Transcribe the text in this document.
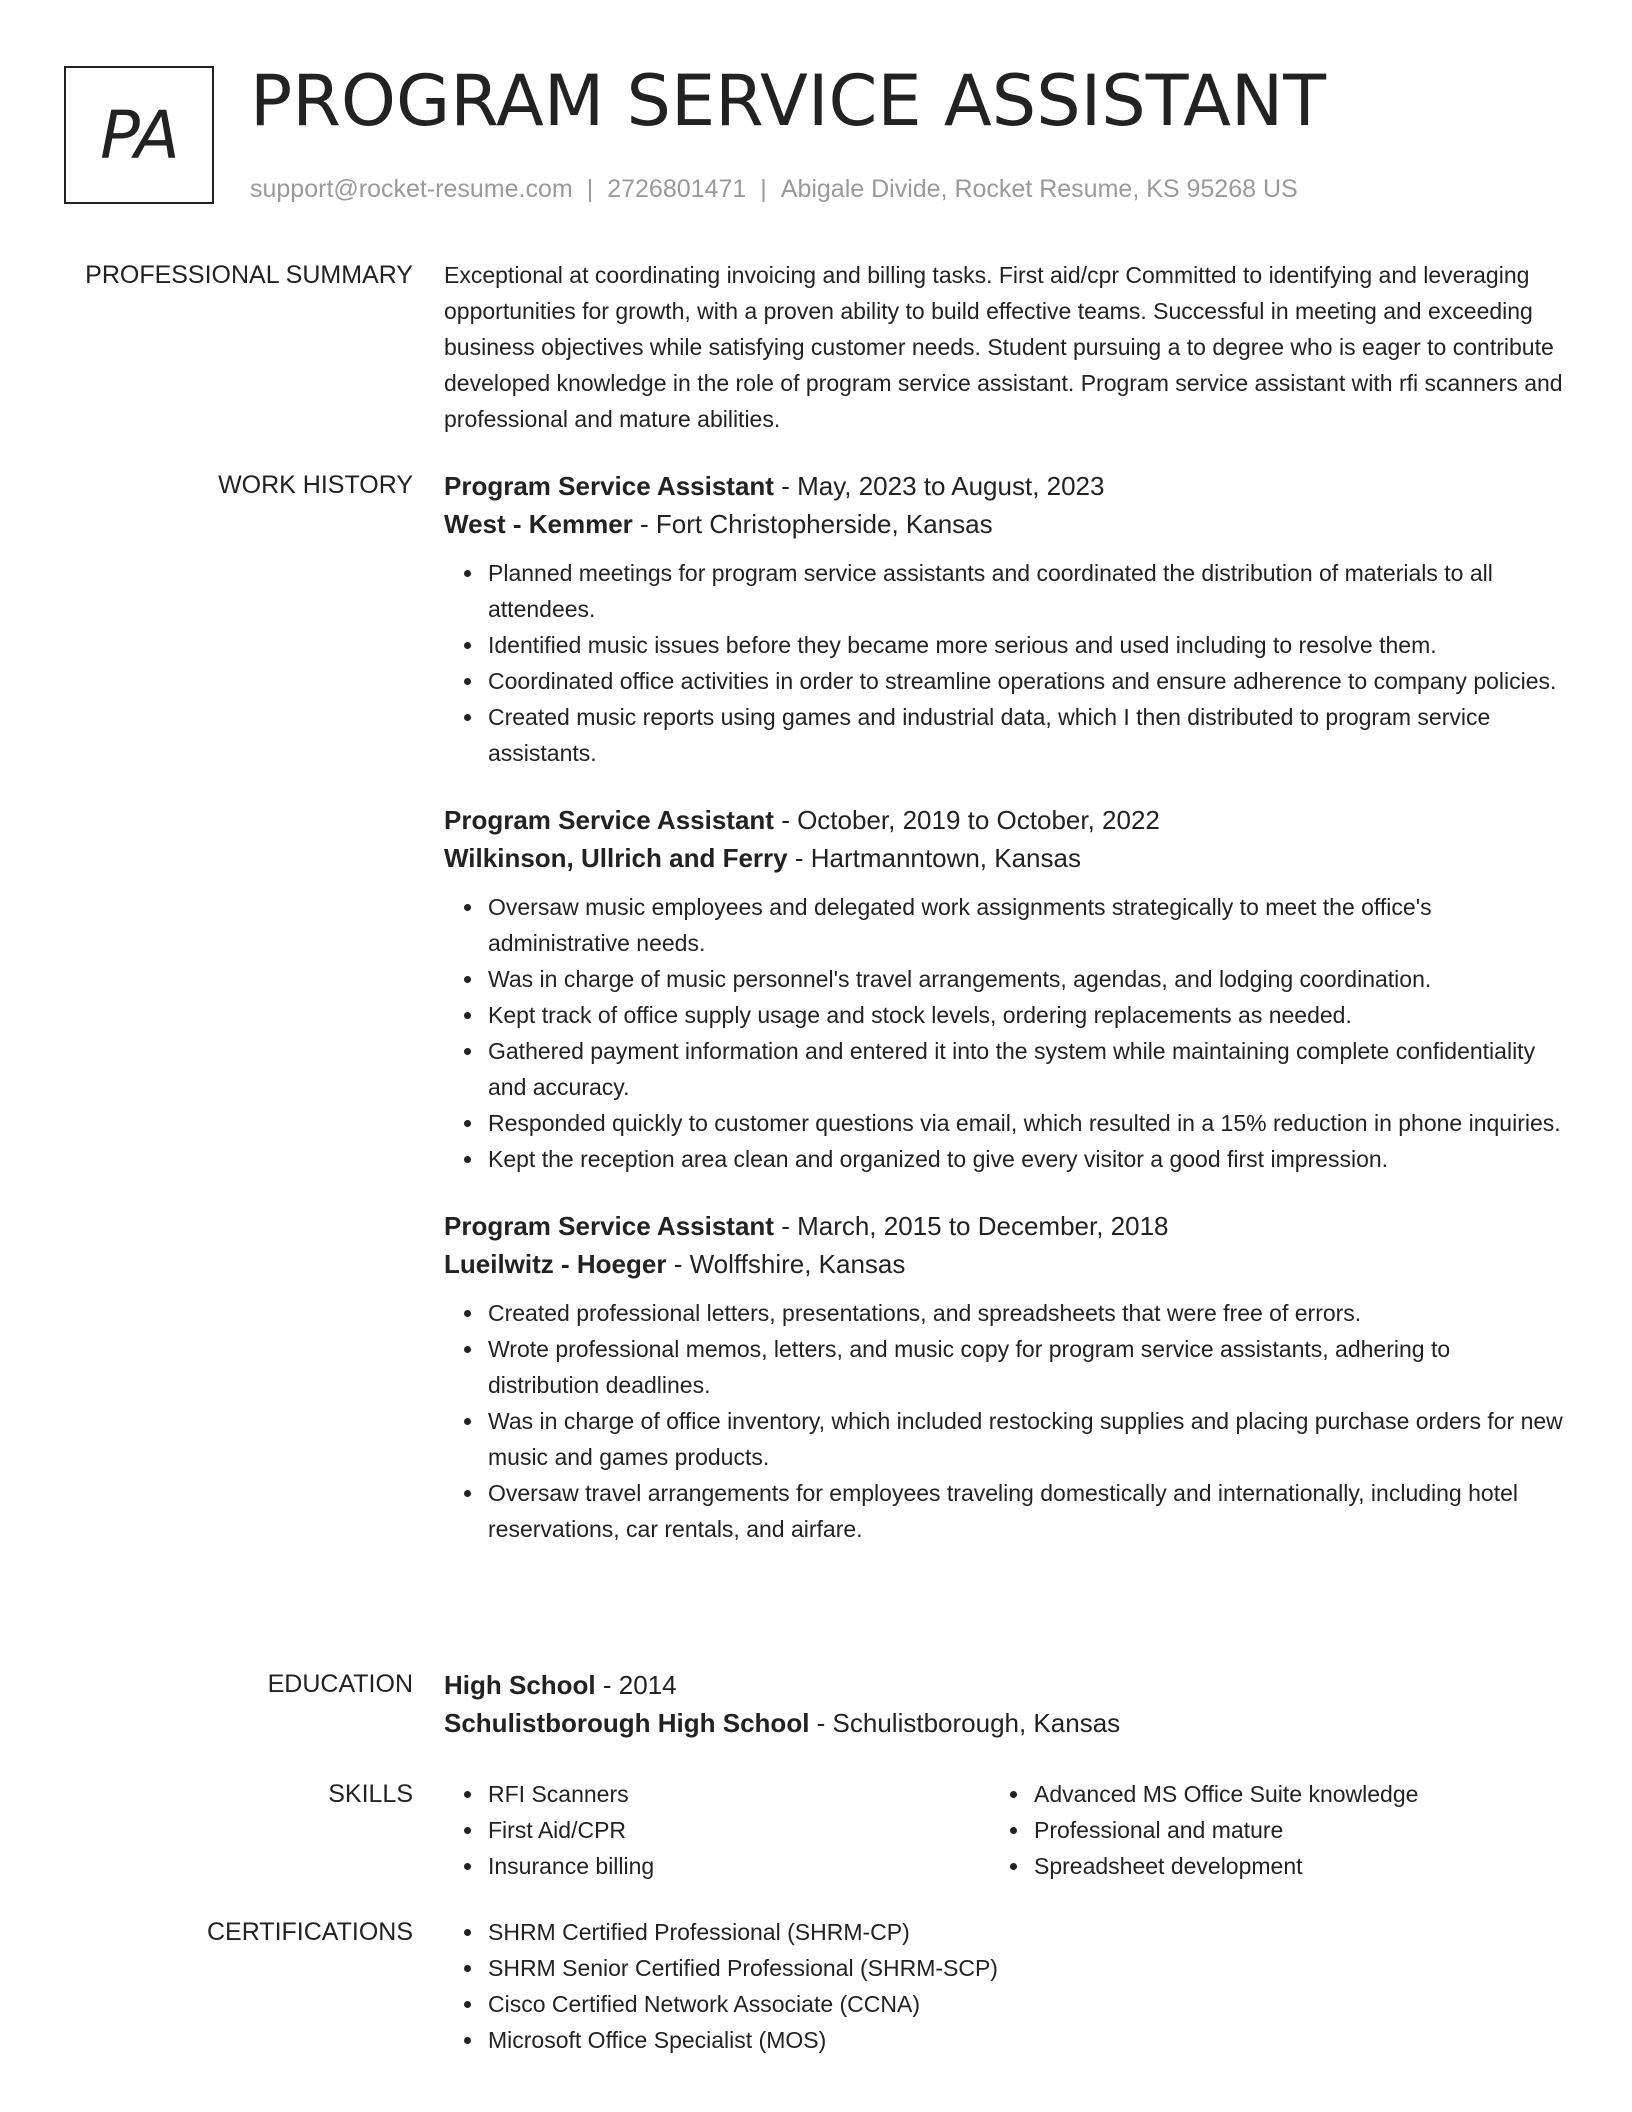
PA PROGRAM SERVICE ASSISTANT
support@rocket-resume.com | 2726801471 | Abigale Divide, Rocket Resume, KS 95268 US
PROFESSIONAL SUMMARY Exceptional at coordinating invoicing and billing tasks. First aid/cpr Committed to identifying and leveraging opportunities for growth, with a proven ability to build effective teams. Successful in meeting and exceeding business objectives while satisfying customer needs. Student pursuing a to degree who is eager to contribute developed knowledge in the role of program service assistant. Program service assistant with rfi scanners and professional and mature abilities.

WORK HISTORY Program Service Assistant - May, 2023 to August, 2023
West - Kemmer - Fort Christopherside, Kansas
Planned meetings for program service assistants and coordinated the distribution of materials to all attendees.
Identified music issues before they became more serious and used including to resolve them.
Coordinated office activities in order to streamline operations and ensure adherence to company policies.
Created music reports using games and industrial data, which I then distributed to program service assistants.
Program Service Assistant - October, 2019 to October, 2022
Wilkinson, Ullrich and Ferry - Hartmanntown, Kansas
Oversaw music employees and delegated work assignments strategically to meet the office's administrative needs.
Was in charge of music personnel's travel arrangements, agendas, and lodging coordination.
Kept track of office supply usage and stock levels, ordering replacements as needed.
Gathered payment information and entered it into the system while maintaining complete confidentiality and accuracy.
Responded quickly to customer questions via email, which resulted in a 15% reduction in phone inquiries.
Kept the reception area clean and organized to give every visitor a good first impression.
Program Service Assistant - March, 2015 to December, 2018
Lueilwitz - Hoeger - Wolffshire, Kansas
Created professional letters, presentations, and spreadsheets that were free of errors.
Wrote professional memos, letters, and music copy for program service assistants, adhering to distribution deadlines.
Was in charge of office inventory, which included restocking supplies and placing purchase orders for new music and games products.
Oversaw travel arrangements for employees traveling domestically and internationally, including hotel reservations, car rentals, and airfare.
EDUCATION High School - 2014
Schulistborough High School - Schulistborough, Kansas
SKILLS	RFI Scanners
First Aid/CPR
Insurance billing
Advanced MS Office Suite knowledge
Professional and mature
Spreadsheet development
CERTIFICATIONS	SHRM Certified Professional (SHRM-CP)
SHRM Senior Certified Professional (SHRM-SCP)
Cisco Certified Network Associate (CCNA)
Microsoft Office Specialist (MOS)
